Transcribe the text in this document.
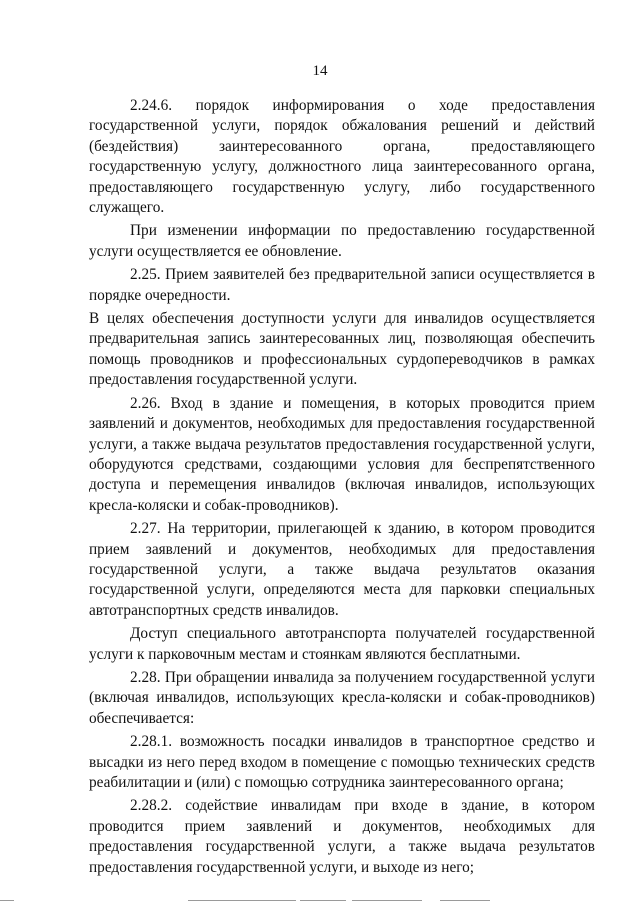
14

2.24.6. порядок информирования о ходе предоставления государственной услуги, порядок обжалования решений и действий (бездействия) заинтересованного органа, предоставляющего государственную услугу, должностного лица заинтересованного органа, предоставляющего государственную услугу, либо государственного служащего.

При изменении информации по предоставлению государственной услуги осуществляется ее обновление.

2.25. Прием заявителей без предварительной записи осуществляется в порядке очередности.

В целях обеспечения доступности услуги для инвалидов осуществляется предварительная запись заинтересованных лиц, позволяющая обеспечить помощь проводников и профессиональных сурдопереводчиков в рамках предоставления государственной услуги.

2.26. Вход в здание и помещения, в которых проводится прием заявлений и документов, необходимых для предоставления государственной услуги, а также выдача результатов предоставления государственной услуги, оборудуются средствами, создающими условия для беспрепятственного доступа и перемещения инвалидов (включая инвалидов, использующих кресла-коляски и собак-проводников).

2.27. На территории, прилегающей к зданию, в котором проводится прием заявлений и документов, необходимых для предоставления государственной услуги, а также выдача результатов оказания государственной услуги, определяются места для парковки специальных автотранспортных средств инвалидов.

Доступ специального автотранспорта получателей государственной услуги к парковочным местам и стоянкам являются бесплатными.

2.28. При обращении инвалида за получением государственной услуги (включая инвалидов, использующих кресла-коляски и собак-проводников) обеспечивается:

2.28.1. возможность посадки инвалидов в транспортное средство и высадки из него перед входом в помещение с помощью технических средств реабилитации и (или) с помощью сотрудника заинтересованного органа;

2.28.2. содействие инвалидам при входе в здание, в котором проводится прием заявлений и документов, необходимых для предоставления государственной услуги, а также выдача результатов предоставления государственной услуги, и выходе из него;
